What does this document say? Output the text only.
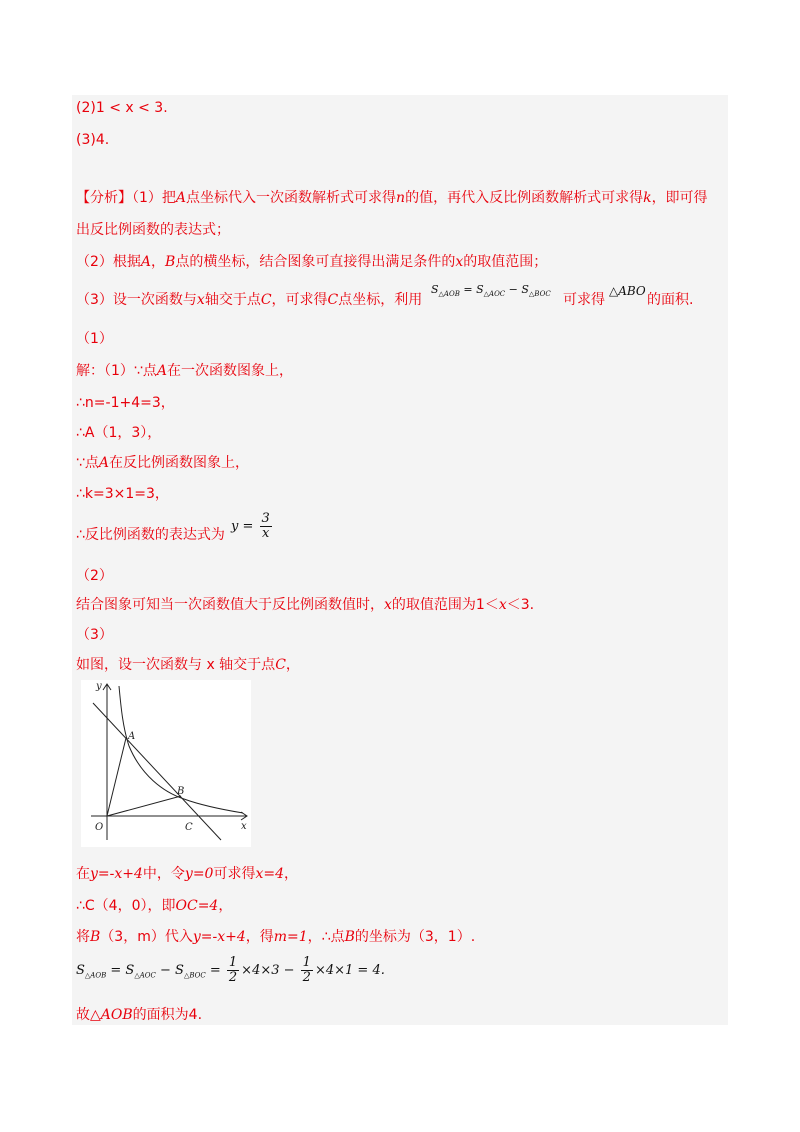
(2)1 < x < 3.
(3)4.
【分析】（1）把A点坐标代入一次函数解析式可求得n的值，再代入反比例函数解析式可求得k，即可得
出反比例函数的表达式；
（2）根据A，B点的横坐标，结合图象可直接得出满足条件的x的取值范围；
（3）设一次函数与x轴交于点C，可求得C点坐标，利用
$S_{\triangle AOB} = S_{\triangle AOC} - S_{\triangle BOC}$ 可求得
△ABO
的面积.
（1）
解：（1）∵点A在一次函数图象上，
∴n=-1+4=3，
∴A（1，3），
∵点A在反比例函数图象上，
∴k=3×1=3，
∴反比例函数的表达式为
$y = \frac{3}{x}$
（2）
结合图象可知当一次函数值大于反比例函数值时，x的取值范围为1＜x＜3.
（3）
如图，设一次函数与 x 轴交于点C，
y
x
O
A
B
C
在y=-x+4中，令y=0可求得x=4，
∴C（4，0），即OC=4，
将B（3，m）代入y=-x+4，得m=1，∴点B的坐标为（3，1）.
$S_{\triangle AOB} = S_{\triangle AOC} - S_{\triangle BOC} = \frac{1}{2} \times 4\times 3 - \frac{1}{2} \times 4\times 1 = 4$.
故△AOB的面积为4.
